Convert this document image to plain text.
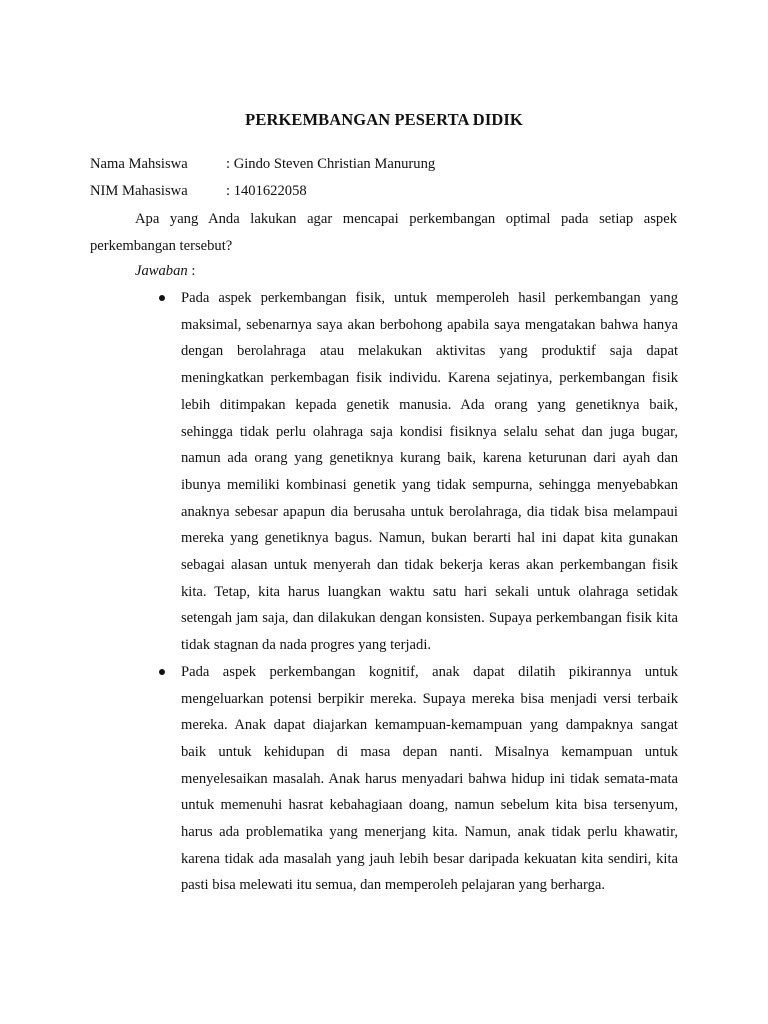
PERKEMBANGAN PESERTA DIDIK
Nama Mahsiswa	: Gindo Steven Christian Manurung
NIM Mahasiswa	: 1401622058
Apa yang Anda lakukan agar mencapai perkembangan optimal pada setiap aspek perkembangan tersebut?
Jawaban :
Pada aspek perkembangan fisik, untuk memperoleh hasil perkembangan yang maksimal, sebenarnya saya akan berbohong apabila saya mengatakan bahwa hanya dengan berolahraga atau melakukan aktivitas yang produktif saja dapat meningkatkan perkembagan fisik individu. Karena sejatinya, perkembangan fisik lebih ditimpakan kepada genetik manusia. Ada orang yang genetiknya baik, sehingga tidak perlu olahraga saja kondisi fisiknya selalu sehat dan juga bugar, namun ada orang yang genetiknya kurang baik, karena keturunan dari ayah dan ibunya memiliki kombinasi genetik yang tidak sempurna, sehingga menyebabkan anaknya sebesar apapun dia berusaha untuk berolahraga, dia tidak bisa melampaui mereka yang genetiknya bagus. Namun, bukan berarti hal ini dapat kita gunakan sebagai alasan untuk menyerah dan tidak bekerja keras akan perkembangan fisik kita. Tetap, kita harus luangkan waktu satu hari sekali untuk olahraga setidak setengah jam saja, dan dilakukan dengan konsisten. Supaya perkembangan fisik kita tidak stagnan da nada progres yang terjadi.
Pada aspek perkembangan kognitif, anak dapat dilatih pikirannya untuk mengeluarkan potensi berpikir mereka. Supaya mereka bisa menjadi versi terbaik mereka. Anak dapat diajarkan kemampuan-kemampuan yang dampaknya sangat baik untuk kehidupan di masa depan nanti. Misalnya kemampuan untuk menyelesaikan masalah. Anak harus menyadari bahwa hidup ini tidak semata-mata untuk memenuhi hasrat kebahagiaan doang, namun sebelum kita bisa tersenyum, harus ada problematika yang menerjang kita. Namun, anak tidak perlu khawatir, karena tidak ada masalah yang jauh lebih besar daripada kekuatan kita sendiri, kita pasti bisa melewati itu semua, dan memperoleh pelajaran yang berharga.
